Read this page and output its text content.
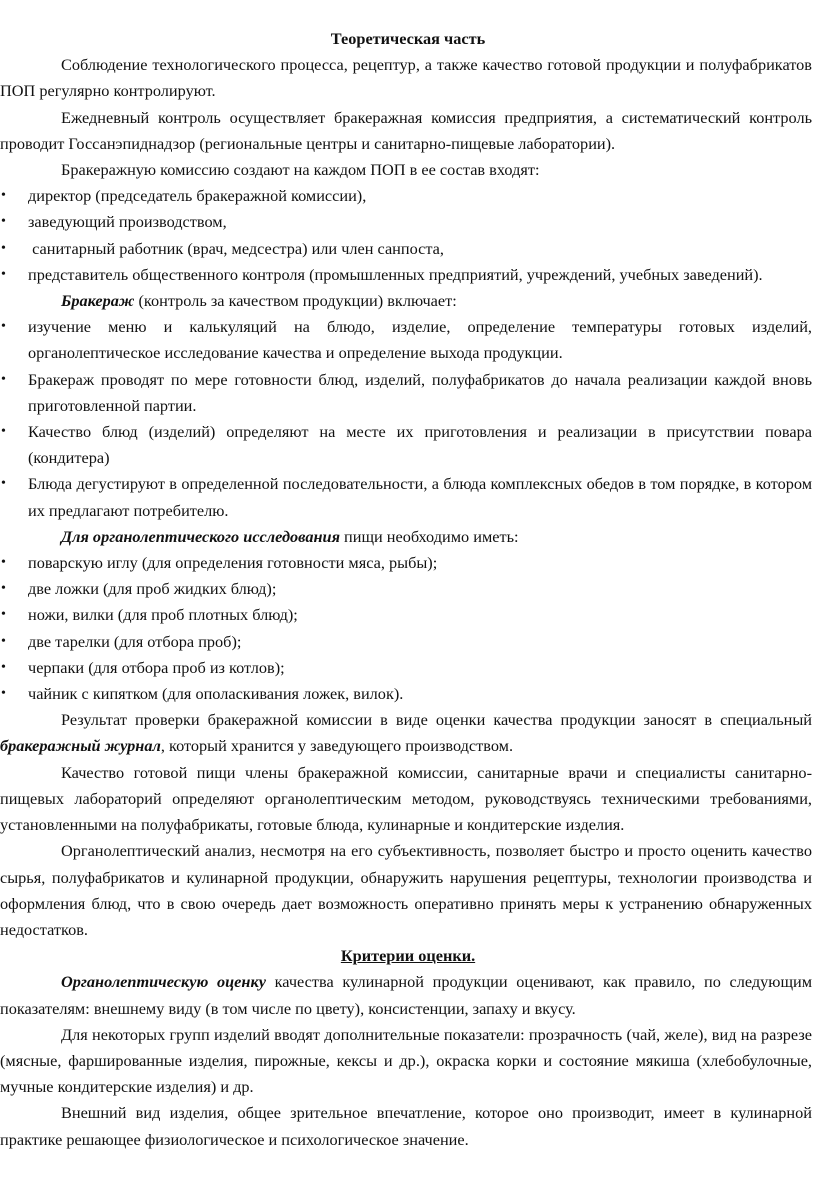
Теоретическая часть

Соблюдение технологического процесса, рецептур, а также качество готовой продукции и полуфабрикатов ПОП регулярно контролируют.

Ежедневный контроль осуществляет бракеражная комиссия предприятия, а систематический контроль проводит Госсанэпиднадзор (региональные центры и санитарно-пищевые лаборатории).

Бракеражную комиссию создают на каждом ПОП в ее состав входят:

• директор (председатель бракеражной комиссии),
• заведующий производством,
• санитарный работник (врач, медсестра) или член санпоста,
• представитель общественного контроля (промышленных предприятий, учреждений, учебных заведений).

Бракераж (контроль за качеством продукции) включает:

• изучение меню и калькуляций на блюдо, изделие, определение температуры готовых изделий, органолептическое исследование качества и определение выхода продукции.
• Бракераж проводят по мере готовности блюд, изделий, полуфабрикатов до начала реализации каждой вновь приготовленной партии.
• Качество блюд (изделий) определяют на месте их приготовления и реализации в присутствии повара (кондитера)
• Блюда дегустируют в определенной последовательности, а блюда комплексных обедов в том порядке, в котором их предлагают потребителю.

Для органолептического исследования пищи необходимо иметь:

• поварскую иглу (для определения готовности мяса, рыбы);
• две ложки (для проб жидких блюд);
• ножи, вилки (для проб плотных блюд);
• две тарелки (для отбора проб);
• черпаки (для отбора проб из котлов);
• чайник с кипятком (для ополаскивания ложек, вилок).

Результат проверки бракеражной комиссии в виде оценки качества продукции заносят в специальный бракеражный журнал, который хранится у заведующего производством.

Качество готовой пищи члены бракеражной комиссии, санитарные врачи и специалисты санитарно-пищевых лабораторий определяют органолептическим методом, руководствуясь техническими требованиями, установленными на полуфабрикаты, готовые блюда, кулинарные и кондитерские изделия.

Органолептический анализ, несмотря на его субъективность, позволяет быстро и просто оценить качество сырья, полуфабрикатов и кулинарной продукции, обнаружить нарушения рецептуры, технологии производства и оформления блюд, что в свою очередь дает возможность оперативно принять меры к устранению обнаруженных недостатков.

Критерии оценки.

Органолептическую оценку качества кулинарной продукции оценивают, как правило, по следующим показателям: внешнему виду (в том числе по цвету), консистенции, запаху и вкусу.

Для некоторых групп изделий вводят дополнительные показатели: прозрачность (чай, желе), вид на разрезе (мясные, фаршированные изделия, пирожные, кексы и др.), окраска корки и состояние мякиша (хлебобулочные, мучные кондитерские изделия) и др.

Внешний вид изделия, общее зрительное впечатление, которое оно производит, имеет в кулинарной практике решающее физиологическое и психологическое значение.
